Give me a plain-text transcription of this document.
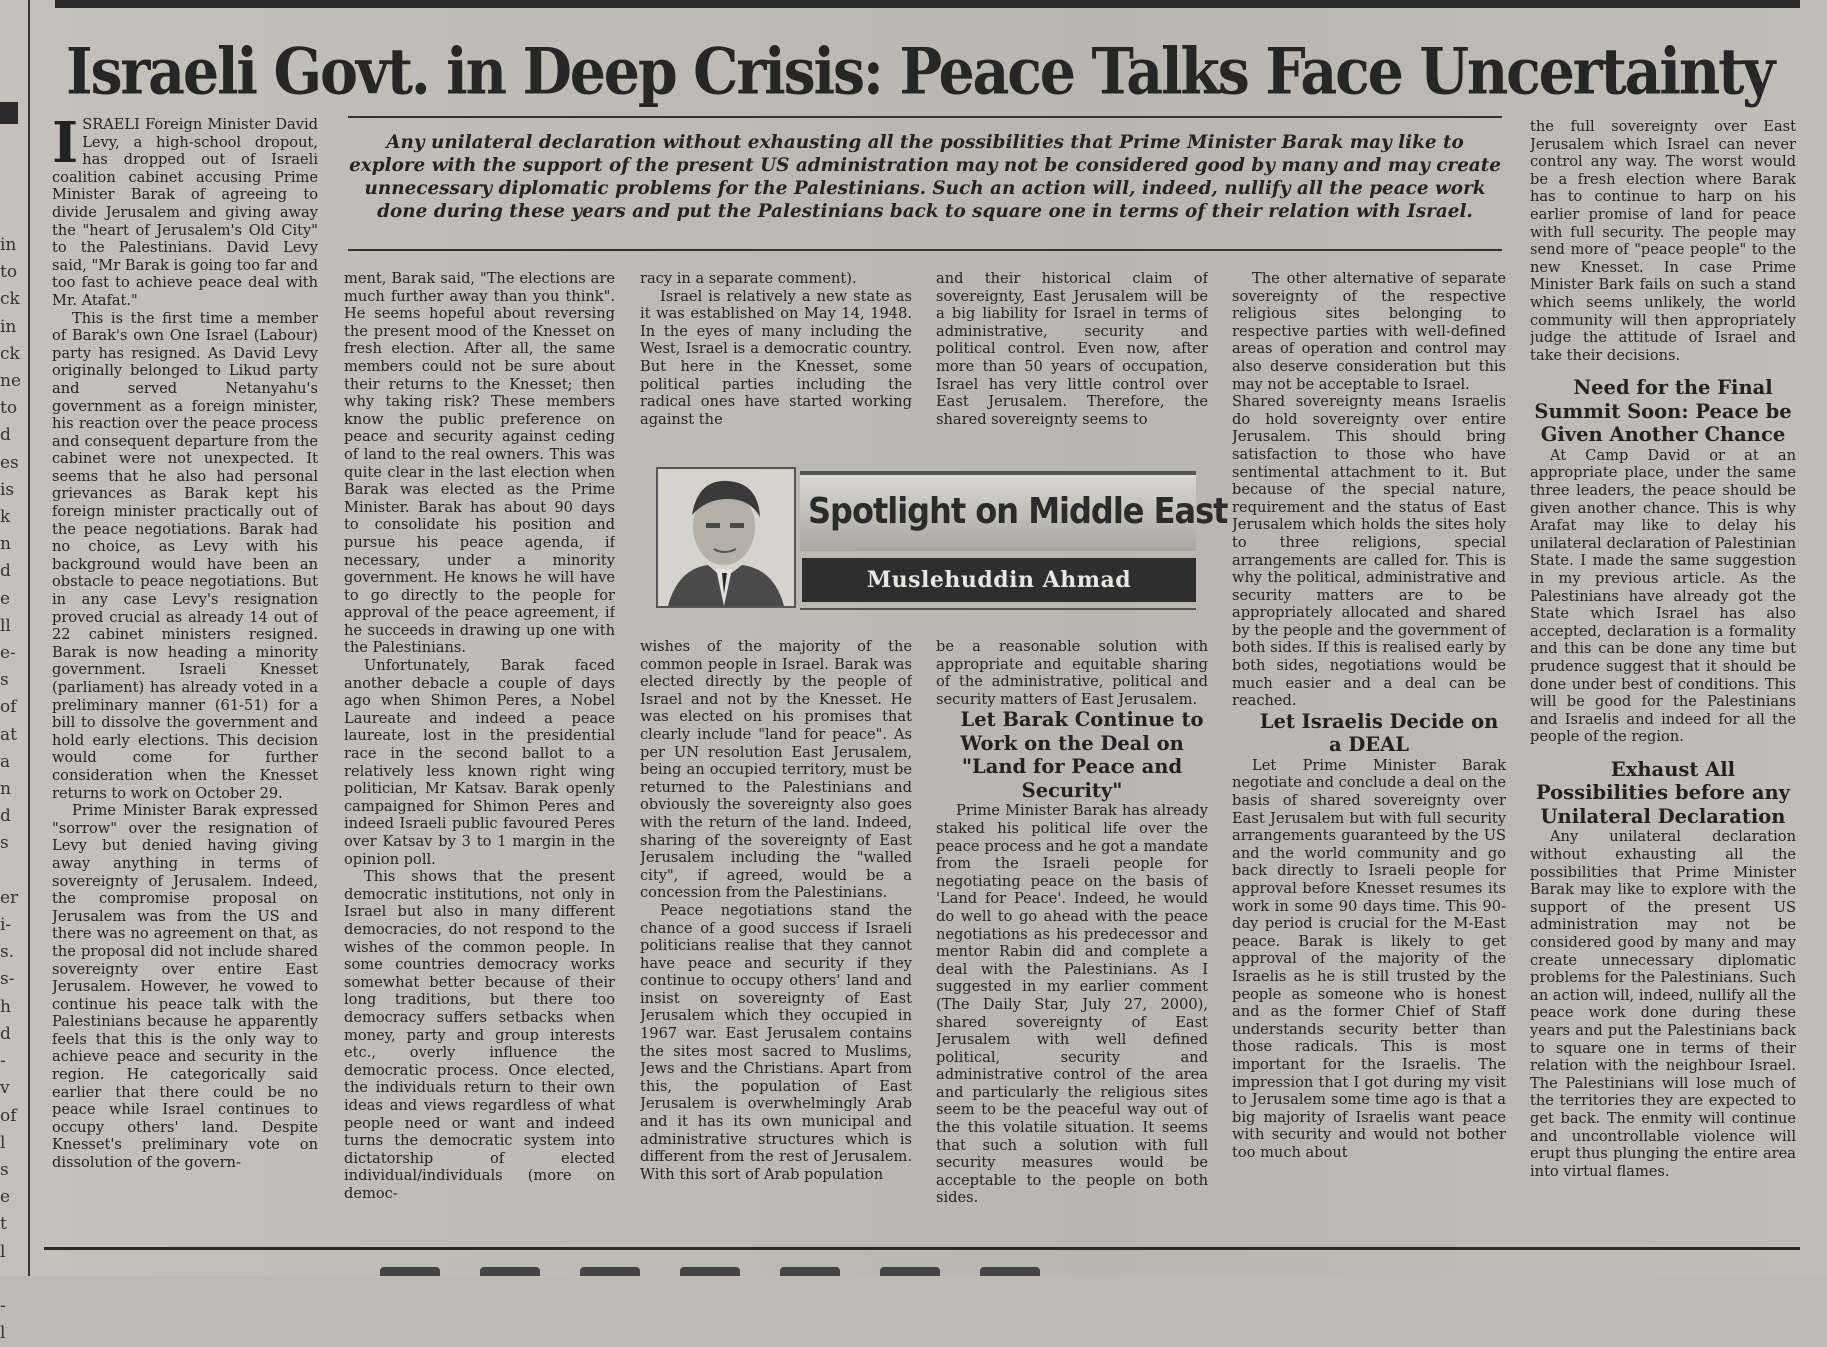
in
to
ck
in
ck
ne
to
d
es
is
k
n
d
e
ll
e-
s
of
at
a
n
d
s

er
i-
s.
s-
h
d
-
v
of
l
s
e
t
l

-
l
Israeli Govt. in Deep Crisis: Peace Talks Face Uncertainty

ISRAELI Foreign Minister David Levy, a high-school dropout, has dropped out of Israeli coalition cabinet accusing Prime Minister Barak of agreeing to divide Jerusalem and giving away the "heart of Jerusalem's Old City" to the Palestinians. David Levy said, "Mr Barak is going too far and too fast to achieve peace deal with Mr. Atafat."

This is the first time a member of Barak's own One Israel (Labour) party has resigned. As David Levy originally belonged to Likud party and served Netanyahu's government as a foreign minister, his reaction over the peace process and consequent departure from the cabinet were not unexpected. It seems that he also had personal grievances as Barak kept his foreign minister practically out of the peace negotiations. Barak had no choice, as Levy with his background would have been an obstacle to peace negotiations. But in any case Levy's resignation proved crucial as already 14 out of 22 cabinet ministers resigned. Barak is now heading a minority government. Israeli Knesset (parliament) has already voted in a preliminary manner (61-51) for a bill to dissolve the government and hold early elections. This decision would come for further consideration when the Knesset returns to work on October 29.

Prime Minister Barak expressed "sorrow" over the resignation of Levy but denied having giving away anything in terms of sovereignty of Jerusalem. Indeed, the compromise proposal on Jerusalem was from the US and there was no agreement on that, as the proposal did not include shared sovereignty over entire East Jerusalem. However, he vowed to continue his peace talk with the Palestinians because he apparently feels that this is the only way to achieve peace and security in the region. He categorically said earlier that there could be no peace while Israel continues to occupy others' land. Despite Knesset's preliminary vote on dissolution of the govern-

Any unilateral declaration without exhausting all the possibilities that Prime Minister Barak may like to explore with the support of the present US administration may not be considered good by many and may create unnecessary diplomatic problems for the Palestinians. Such an action will, indeed, nullify all the peace work done during these years and put the Palestinians back to square one in terms of their relation with Israel.

ment, Barak said, "The elections are much further away than you think". He seems hopeful about reversing the present mood of the Knesset on fresh election. After all, the same members could not be sure about their returns to the Knesset; then why taking risk? These members know the public preference on peace and security against ceding of land to the real owners. This was quite clear in the last election when Barak was elected as the Prime Minister. Barak has about 90 days to consolidate his position and pursue his peace agenda, if necessary, under a minority government. He knows he will have to go directly to the people for approval of the peace agreement, if he succeeds in drawing up one with the Palestinians.

Unfortunately, Barak faced another debacle a couple of days ago when Shimon Peres, a Nobel Laureate and indeed a peace laureate, lost in the presidential race in the second ballot to a relatively less known right wing politician, Mr Katsav. Barak openly campaigned for Shimon Peres and indeed Israeli public favoured Peres over Katsav by 3 to 1 margin in the opinion poll.

This shows that the present democratic institutions, not only in Israel but also in many different democracies, do not respond to the wishes of the common people. In some countries democracy works somewhat better because of their long traditions, but there too democracy suffers setbacks when money, party and group interests etc., overly influence the democratic process. Once elected, the individuals return to their own ideas and views regardless of what people need or want and indeed turns the democratic system into dictatorship of elected individual/individuals (more on democ-

racy in a separate comment).

Israel is relatively a new state as it was established on May 14, 1948. In the eyes of many including the West, Israel is a democratic country. But here in the Knesset, some political parties including the radical ones have started working against the

and their historical claim of sovereignty, East Jerusalem will be a big liability for Israel in terms of administrative, security and political control. Even now, after more than 50 years of occupation, Israel has very little control over East Jerusalem. Therefore, the shared sovereignty seems to

Spotlight on Middle East
Muslehuddin Ahmad

wishes of the majority of the common people in Israel. Barak was elected directly by the people of Israel and not by the Knesset. He was elected on his promises that clearly include "land for peace". As per UN resolution East Jerusalem, being an occupied territory, must be returned to the Palestinians and obviously the sovereignty also goes with the return of the land. Indeed, sharing of the sovereignty of East Jerusalem including the "walled city", if agreed, would be a concession from the Palestinians.

Peace negotiations stand the chance of a good success if Israeli politicians realise that they cannot have peace and security if they continue to occupy others' land and insist on sovereignty of East Jerusalem which they occupied in 1967 war. East Jerusalem contains the sites most sacred to Muslims, Jews and the Christians. Apart from this, the population of East Jerusalem is overwhelmingly Arab and it has its own municipal and administrative structures which is different from the rest of Jerusalem. With this sort of Arab population

be a reasonable solution with appropriate and equitable sharing of the administrative, political and security matters of East Jerusalem.

Let Barak Continue to Work on the Deal on "Land for Peace and Security"

Prime Minister Barak has already staked his political life over the peace process and he got a mandate from the Israeli people for negotiating peace on the basis of 'Land for Peace'. Indeed, he would do well to go ahead with the peace negotiations as his predecessor and mentor Rabin did and complete a deal with the Palestinians. As I suggested in my earlier comment (The Daily Star, July 27, 2000), shared sovereignty of East Jerusalem with well defined political, security and administrative control of the area and particularly the religious sites seem to be the peaceful way out of the this volatile situation. It seems that such a solution with full security measures would be acceptable to the people on both sides.

The other alternative of separate sovereignty of the respective religious sites belonging to respective parties with well-defined areas of operation and control may also deserve consideration but this may not be acceptable to Israel.

Shared sovereignty means Israelis do hold sovereignty over entire Jerusalem. This should bring satisfaction to those who have sentimental attachment to it. But because of the special nature, requirement and the status of East Jerusalem which holds the sites holy to three religions, special arrangements are called for. This is why the political, administrative and security matters are to be appropriately allocated and shared by the people and the government of both sides. If this is realised early by both sides, negotiations would be much easier and a deal can be reached.

Let Israelis Decide on a DEAL

Let Prime Minister Barak negotiate and conclude a deal on the basis of shared sovereignty over East Jerusalem but with full security arrangements guaranteed by the US and the world community and go back directly to Israeli people for approval before Knesset resumes its work in some 90 days time. This 90-day period is crucial for the M-East peace. Barak is likely to get approval of the majority of the Israelis as he is still trusted by the people as someone who is honest and as the former Chief of Staff understands security better than those radicals. This is most important for the Israelis. The impression that I got during my visit to Jerusalem some time ago is that a big majority of Israelis want peace with security and would not bother too much about

the full sovereignty over East Jerusalem which Israel can never control any way. The worst would be a fresh election where Barak has to continue to harp on his earlier promise of land for peace with full security. The people may send more of "peace people" to the new Knesset. In case Prime Minister Bark fails on such a stand which seems unlikely, the world community will then appropriately judge the attitude of Israel and take their decisions.

Need for the Final Summit Soon: Peace be Given Another Chance

At Camp David or at an appropriate place, under the same three leaders, the peace should be given another chance. This is why Arafat may like to delay his unilateral declaration of Palestinian State. I made the same suggestion in my previous article. As the Palestinians have already got the State which Israel has also accepted, declaration is a formality and this can be done any time but prudence suggest that it should be done under best of conditions. This will be good for the Palestinians and Israelis and indeed for all the people of the region.

Exhaust All Possibilities before any Unilateral Declaration

Any unilateral declaration without exhausting all the possibilities that Prime Minister Barak may like to explore with the support of the present US administration may not be considered good by many and may create unnecessary diplomatic problems for the Palestinians. Such an action will, indeed, nullify all the peace work done during these years and put the Palestinians back to square one in terms of their relation with the neighbour Israel. The Palestinians will lose much of the territories they are expected to get back. The enmity will continue and uncontrollable violence will erupt thus plunging the entire area into virtual flames.
